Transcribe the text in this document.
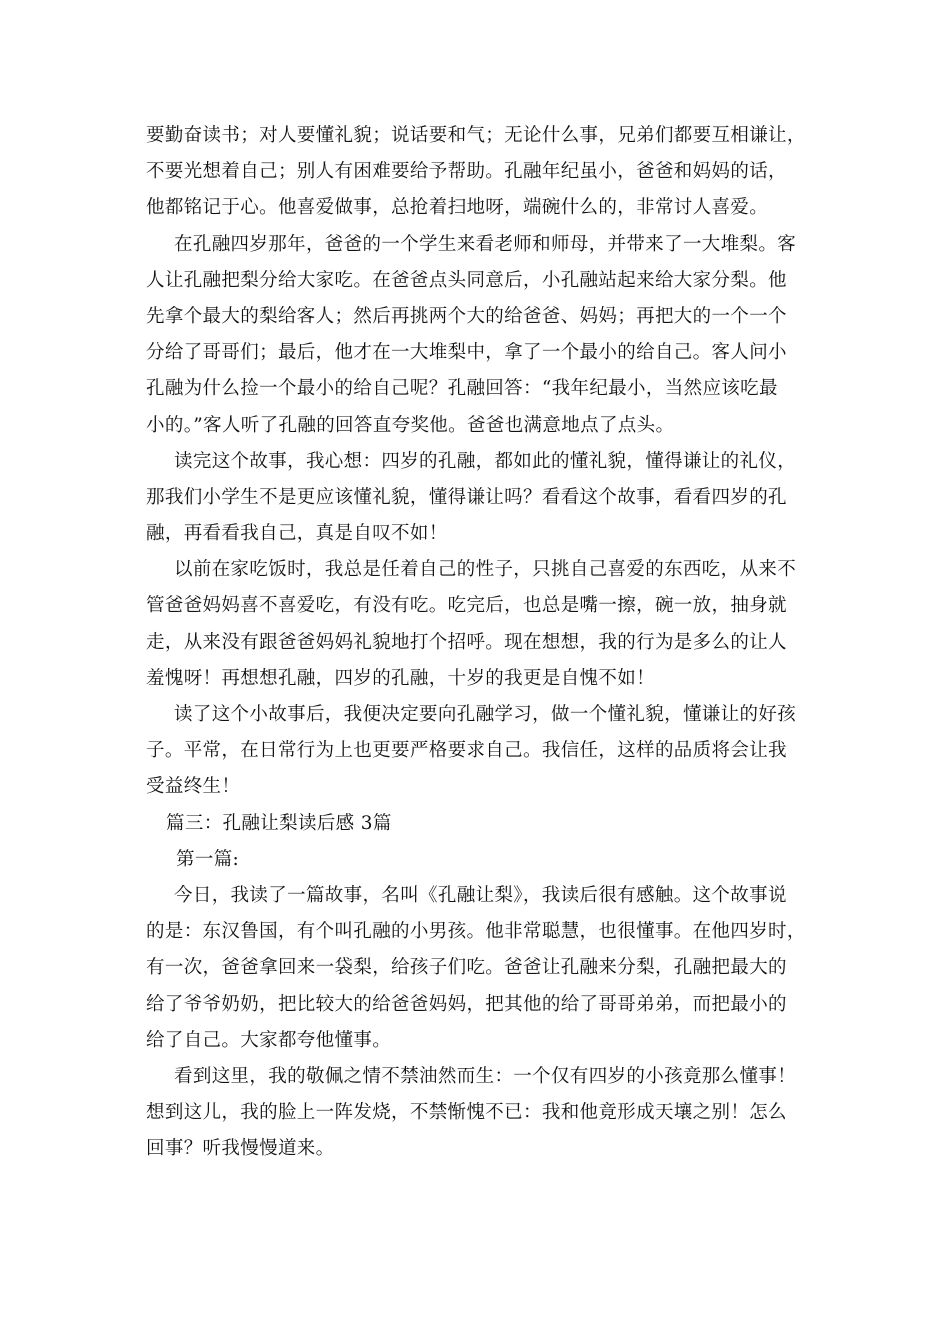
要勤奋读书；对人要懂礼貌；说话要和气；无论什么事，兄弟们都要互相谦让，
不要光想着自己；别人有困难要给予帮助。孔融年纪虽小，爸爸和妈妈的话，
他都铭记于心。他喜爱做事，总抢着扫地呀，端碗什么的，非常讨人喜爱。
在孔融四岁那年，爸爸的一个学生来看老师和师母，并带来了一大堆梨。客
人让孔融把梨分给大家吃。在爸爸点头同意后，小孔融站起来给大家分梨。他
先拿个最大的梨给客人；然后再挑两个大的给爸爸、妈妈；再把大的一个一个
分给了哥哥们；最后，他才在一大堆梨中，拿了一个最小的给自己。客人问小
孔融为什么捡一个最小的给自己呢？孔融回答：“我年纪最小，当然应该吃最
小的。”客人听了孔融的回答直夸奖他。爸爸也满意地点了点头。
读完这个故事，我心想：四岁的孔融，都如此的懂礼貌，懂得谦让的礼仪，
那我们小学生不是更应该懂礼貌，懂得谦让吗？看看这个故事，看看四岁的孔
融，再看看我自己，真是自叹不如！
以前在家吃饭时，我总是任着自己的性子，只挑自己喜爱的东西吃，从来不
管爸爸妈妈喜不喜爱吃，有没有吃。吃完后，也总是嘴一擦，碗一放，抽身就
走，从来没有跟爸爸妈妈礼貌地打个招呼。现在想想，我的行为是多么的让人
羞愧呀！再想想孔融，四岁的孔融，十岁的我更是自愧不如！
读了这个小故事后，我便决定要向孔融学习，做一个懂礼貌，懂谦让的好孩
子。平常，在日常行为上也更要严格要求自己。我信任，这样的品质将会让我
受益终生！
篇三：孔融让梨读后感 3篇
第一篇:
今日，我读了一篇故事，名叫《孔融让梨》，我读后很有感触。这个故事说
的是：东汉鲁国，有个叫孔融的小男孩。他非常聪慧，也很懂事。在他四岁时，
有一次，爸爸拿回来一袋梨，给孩子们吃。爸爸让孔融来分梨，孔融把最大的
给了爷爷奶奶，把比较大的给爸爸妈妈，把其他的给了哥哥弟弟，而把最小的
给了自己。大家都夸他懂事。
看到这里，我的敬佩之情不禁油然而生：一个仅有四岁的小孩竟那么懂事！
想到这儿，我的脸上一阵发烧，不禁惭愧不已：我和他竟形成天壤之别！怎么
回事？听我慢慢道来。
